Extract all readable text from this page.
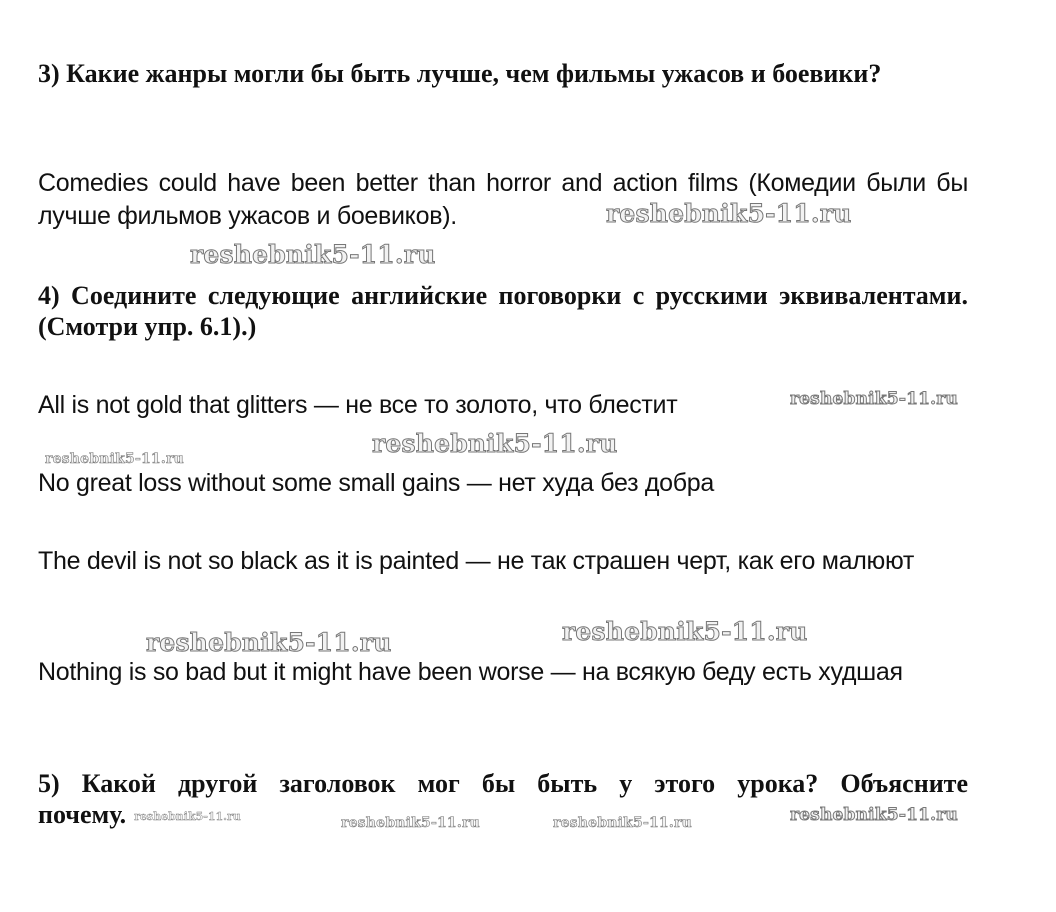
3) Какие жанры могли бы быть лучше, чем фильмы ужасов и боевики?
Comedies could have been better than horror and action films (Комедии были бы лучше фильмов ужасов и боевиков).
4) Соедините следующие английские поговорки с русскими эквивалентами. (Смотри упр. 6.1).)
All is not gold that glitters — не все то золото, что блестит
No great loss without some small gains — нет худа без добра
The devil is not so black as it is painted — не так страшен черт, как его малюют
Nothing is so bad but it might have been worse — на всякую беду есть худшая
5) Какой другой заголовок мог бы быть у этого урока? Объясните почему. reshebnik5-11.ru
reshebnik5-11.ru
reshebnik5-11.ru
reshebnik5-11.ru
reshebnik5-11.ru
reshebnik5-11.ru
reshebnik5-11.ru
reshebnik5-11.ru
reshebnik5-11.ru
reshebnik5-11.ru	reshebnik5-11.ru
